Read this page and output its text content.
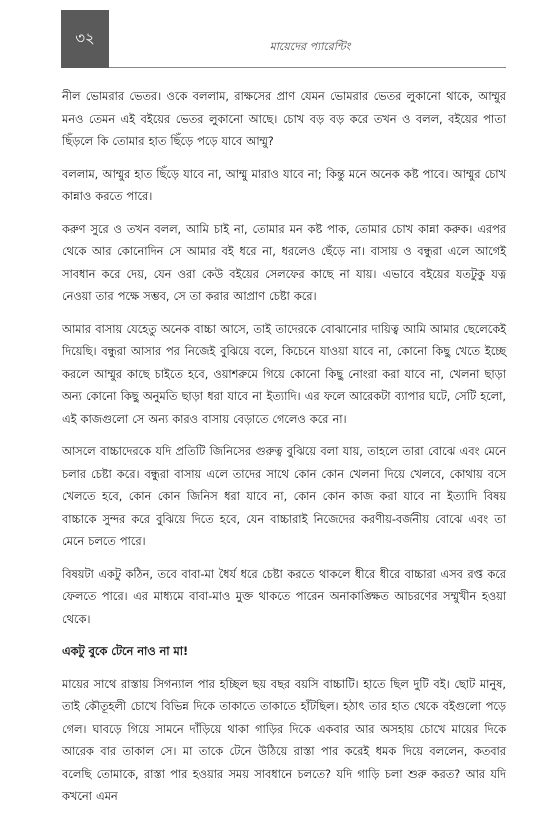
৩২	মায়েদের প্যারেন্টিং

নীল ভোমরার ভেতর। ওকে বললাম, রাক্ষসের প্রাণ যেমন ভোমরার ভেতর লুকানো থাকে, আম্মুর মনও তেমন এই বইয়ের ভেতর লুকানো আছে। চোখ বড় বড় করে তখন ও বলল, বইয়ের পাতা ছিঁড়লে কি তোমার হাত ছিঁড়ে পড়ে যাবে আম্মু?

বললাম, আম্মুর হাত ছিঁড়ে যাবে না, আম্মু মারাও যাবে না; কিন্তু মনে অনেক কষ্ট পাবে। আম্মুর চোখ কান্নাও করতে পারে।

করুণ সুরে ও তখন বলল, আমি চাই না, তোমার মন কষ্ট পাক, তোমার চোখ কান্না করুক। এরপর থেকে আর কোনোদিন সে আমার বই ধরে না, ধরলেও ছেঁড়ে না। বাসায় ও বন্ধুরা এলে আগেই সাবধান করে দেয়, যেন ওরা কেউ বইয়ের সেলফের কাছে না যায়। এভাবে বইয়ের যতটুকু যত্ন নেওয়া তার পক্ষে সম্ভব, সে তা করার আপ্রাণ চেষ্টা করে।

আমার বাসায় যেহেতু অনেক বাচ্চা আসে, তাই তাদেরকে বোঝানোর দায়িত্ব আমি আমার ছেলেকেই দিয়েছি। বন্ধুরা আসার পর নিজেই বুঝিয়ে বলে, কিচেনে যাওয়া যাবে না, কোনো কিছু খেতে ইচ্ছে করলে আম্মুর কাছে চাইতে হবে, ওয়াশরুমে গিয়ে কোনো কিছু নোংরা করা যাবে না, খেলনা ছাড়া অন্য কোনো কিছু অনুমতি ছাড়া ধরা যাবে না ইত্যাদি। এর ফলে আরেকটা ব্যাপার ঘটে, সেটি হলো, এই কাজগুলো সে অন্য কারও বাসায় বেড়াতে গেলেও করে না।

আসলে বাচ্চাদেরকে যদি প্রতিটি জিনিসের গুরুত্ব বুঝিয়ে বলা যায়, তাহলে তারা বোঝে এবং মেনে চলার চেষ্টা করে। বন্ধুরা বাসায় এলে তাদের সাথে কোন কোন খেলনা দিয়ে খেলবে, কোথায় বসে খেলতে হবে, কোন কোন জিনিস ধরা যাবে না, কোন কোন কাজ করা যাবে না ইত্যাদি বিষয় বাচ্চাকে সুন্দর করে বুঝিয়ে দিতে হবে, যেন বাচ্চারাই নিজেদের করণীয়-বর্জনীয় বোঝে এবং তা মেনে চলতে পারে।

বিষয়টা একটু কঠিন, তবে বাবা-মা ধৈর্য ধরে চেষ্টা করতে থাকলে ধীরে ধীরে বাচ্চারা এসব রপ্ত করে ফেলতে পারে। এর মাধ্যমে বাবা-মাও মুক্ত থাকতে পারেন অনাকাঙ্ক্ষিত আচরণের সম্মুখীন হওয়া থেকে।

একটু বুকে টেনে নাও না মা!

মায়ের সাথে রাস্তায় সিগন্যাল পার হচ্ছিল ছয় বছর বয়সি বাচ্চাটি। হাতে ছিল দুটি বই। ছোট মানুষ, তাই কৌতূহলী চোখে বিভিন্ন দিকে তাকাতে তাকাতে হাঁটছিল। হঠাৎ তার হাত থেকে বইগুলো পড়ে গেল। ঘাবড়ে গিয়ে সামনে দাঁড়িয়ে থাকা গাড়ির দিকে একবার আর অসহায় চোখে মায়ের দিকে আরেক বার তাকাল সে। মা তাকে টেনে উঠিয়ে রাস্তা পার করেই ধমক দিয়ে বললেন, কতবার বলেছি তোমাকে, রাস্তা পার হওয়ার সময় সাবধানে চলতে? যদি গাড়ি চলা শুরু করত? আর যদি কখনো এমন
